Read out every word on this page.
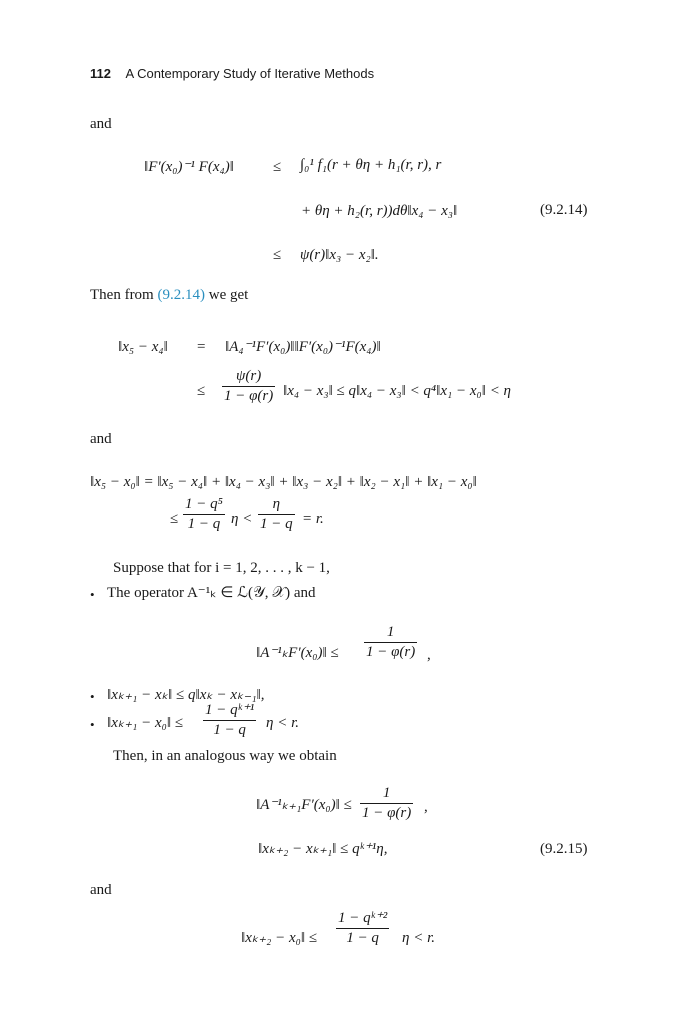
112 A Contemporary Study of Iterative Methods
and
‖F′(x₀)⁻¹ F(x₄)‖	≤ ∫₀¹ f₁(r + θη + h₁(r, r), r
+ θη + h₂(r, r))dθ‖x₄ − x₃‖	(9.2.14)
≤ ψ(r)‖x₃ − x₂‖.
Then from (9.2.14) we get
‖x₅ − x₄‖ = ‖A₄⁻¹F′(x₀)‖‖F′(x₀)⁻¹F(x₄)‖
≤
ψ(r)
1 − φ(r) ‖x₄ − x₃‖ ≤ q‖x₄ − x₃‖ < q⁴‖x₁ − x₀‖ < η
and
‖x₅ − x₀‖ = ‖x₅ − x₄‖ + ‖x₄ − x₃‖ + ‖x₃ − x₂‖ + ‖x₂ − x₁‖ + ‖x₁ − x₀‖
≤
1 − q⁵
1 − q η <
η
1 − q = r.
Suppose that for i = 1, 2, . . . , k − 1,
• The operator A⁻¹ₖ ∈ ℒ(𝒴, 𝒳) and
‖A⁻¹ₖF′(x₀)‖ ≤
1
1 − φ(r) ,
• ‖xₖ₊₁ − xₖ‖ ≤ q‖xₖ − xₖ₋₁‖,
• ‖xₖ₊₁ − x₀‖ ≤
1 − qᵏ⁺¹
1 − q η < r.
Then, in an analogous way we obtain
‖A⁻¹ₖ₊₁F′(x₀)‖ ≤
1
1 − φ(r) ,
‖xₖ₊₂ − xₖ₊₁‖ ≤ qᵏ⁺¹η,	(9.2.15)
and
‖xₖ₊₂ − x₀‖ ≤
1 − qᵏ⁺²
1 − q η < r.
